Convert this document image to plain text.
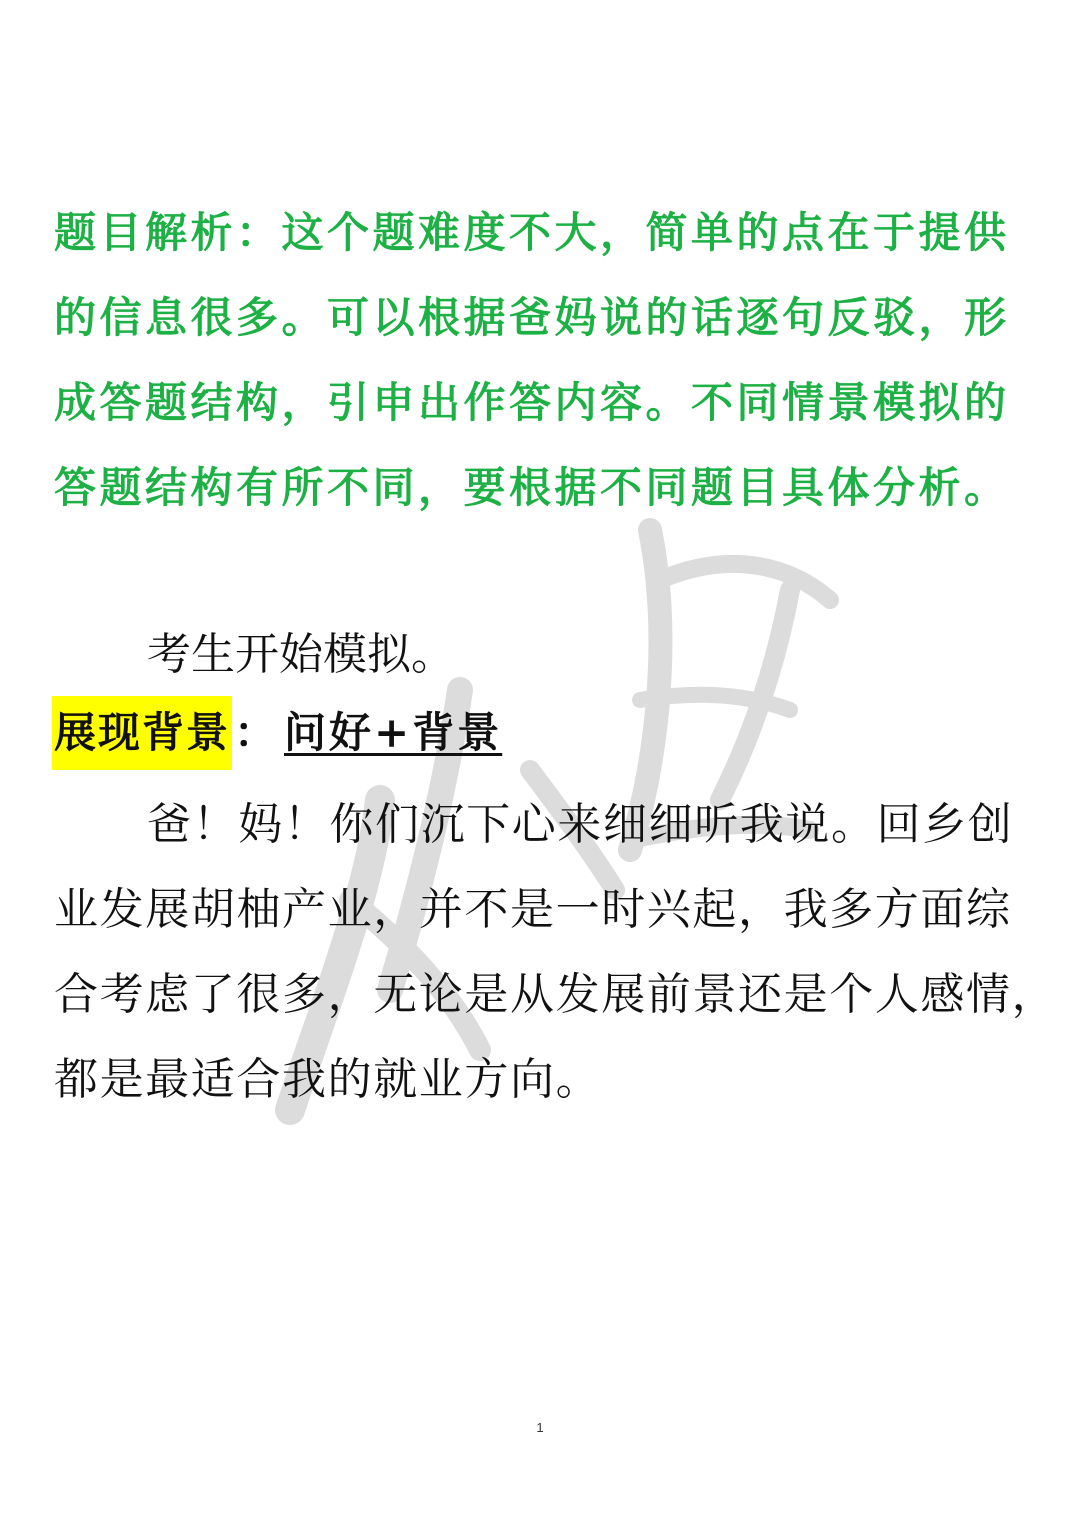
题目解析：这个题难度不大，简单的点在于提供
的信息很多。可以根据爸妈说的话逐句反驳，形
成答题结构，引申出作答内容。不同情景模拟的
答题结构有所不同，要根据不同题目具体分析。
考生开始模拟。
展现背景 ： 问好+背景
爸！妈！你们沉下心来细细听我说。回乡创
业发展胡柚产业，并不是一时兴起，我多方面综
合考虑了很多，无论是从发展前景还是个人感情，
都是最适合我的就业方向。
1
